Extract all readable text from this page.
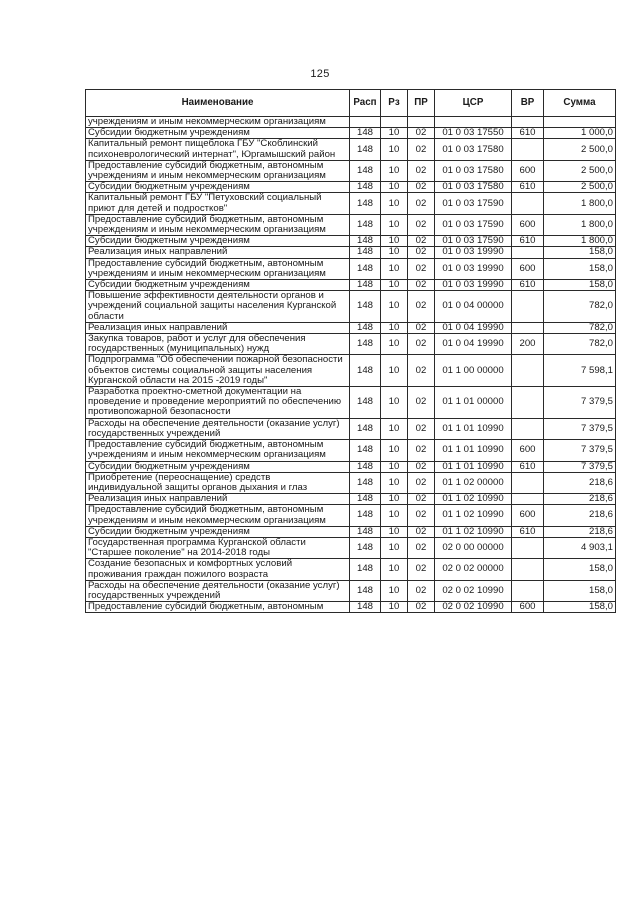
125
Наименование	Расп	Рз	ПР	ЦСР	ВР	Сумма
учреждениям и иным некоммерческим организациям						
Субсидии бюджетным учреждениям	148	10	02	01 0 03 17550	610	1 000,0
Капитальный ремонт пищеблока ГБУ "Скоблинский психоневрологический интернат", Юргамышский район	148	10	02	01 0 03 17580		2 500,0
Предоставление субсидий бюджетным, автономным учреждениям и иным некоммерческим организациям	148	10	02	01 0 03 17580	600	2 500,0
Субсидии бюджетным учреждениям	148	10	02	01 0 03 17580	610	2 500,0
Капитальный ремонт ГБУ "Петуховский социальный приют для детей и подростков"	148	10	02	01 0 03 17590		1 800,0
Предоставление субсидий бюджетным, автономным учреждениям и иным некоммерческим организациям	148	10	02	01 0 03 17590	600	1 800,0
Субсидии бюджетным учреждениям	148	10	02	01 0 03 17590	610	1 800,0
Реализация иных направлений	148	10	02	01 0 03 19990		158,0
Предоставление субсидий бюджетным, автономным учреждениям и иным некоммерческим организациям	148	10	02	01 0 03 19990	600	158,0
Субсидии бюджетным учреждениям	148	10	02	01 0 03 19990	610	158,0
Повышение эффективности деятельности органов и учреждений социальной защиты населения Курганской области	148	10	02	01 0 04 00000		782,0
Реализация иных направлений	148	10	02	01 0 04 19990		782,0
Закупка товаров, работ и услуг для обеспечения государственных (муниципальных) нужд	148	10	02	01 0 04 19990	200	782,0
Подпрограмма "Об обеспечении пожарной безопасности объектов системы социальной защиты населения Курганской области на 2015 -2019 годы"	148	10	02	01 1 00 00000		7 598,1
Разработка проектно-сметной документации на проведение и проведение мероприятий по обеспечению противопожарной безопасности	148	10	02	01 1 01 00000		7 379,5
Расходы на обеспечение деятельности (оказание услуг) государственных учреждений	148	10	02	01 1 01 10990		7 379,5
Предоставление субсидий бюджетным, автономным учреждениям и иным некоммерческим организациям	148	10	02	01 1 01 10990	600	7 379,5
Субсидии бюджетным учреждениям	148	10	02	01 1 01 10990	610	7 379,5
Приобретение (переоснащение) средств индивидуальной защиты органов дыхания и глаз	148	10	02	01 1 02 00000		218,6
Реализация иных направлений	148	10	02	01 1 02 10990		218,6
Предоставление субсидий бюджетным, автономным учреждениям и иным некоммерческим организациям	148	10	02	01 1 02 10990	600	218,6
Субсидии бюджетным учреждениям	148	10	02	01 1 02 10990	610	218,6
Государственная программа Курганской области "Старшее поколение" на 2014-2018 годы	148	10	02	02 0 00 00000		4 903,1
Создание безопасных и комфортных условий проживания граждан пожилого возраста	148	10	02	02 0 02 00000		158,0
Расходы на обеспечение деятельности (оказание услуг) государственных учреждений	148	10	02	02 0 02 10990		158,0
Предоставление субсидий бюджетным, автономным	148	10	02	02 0 02 10990	600	158,0
